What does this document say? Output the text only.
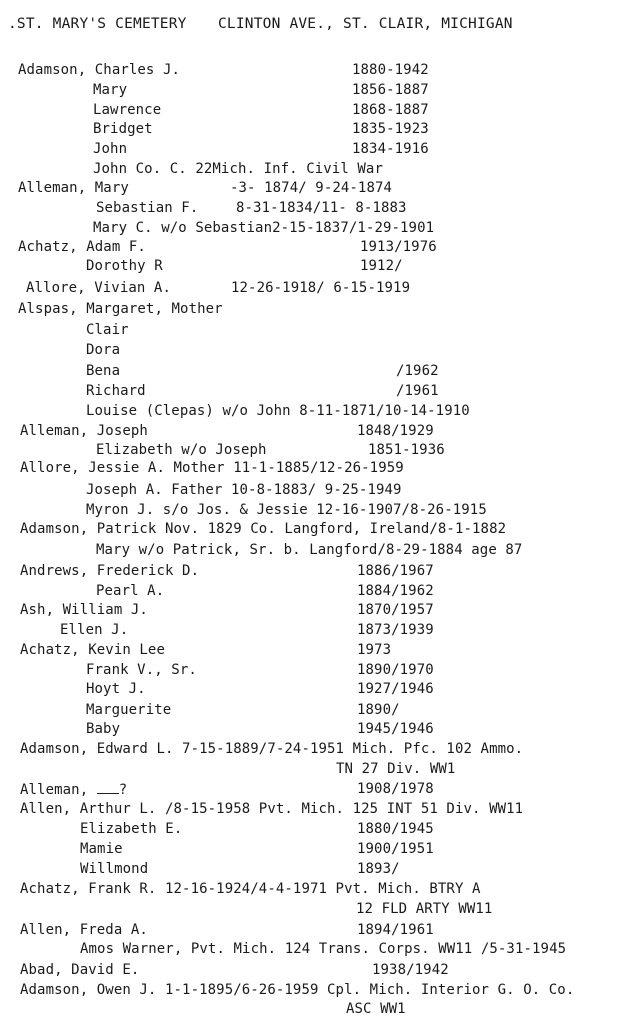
.ST. MARY'S CEMETERY CLINTON AVE., ST. CLAIR, MICHIGAN
Adamson, Charles J.	1880-1942
Mary	1856-1887
Lawrence	1868-1887
Bridget	1835-1923
John	1834-1916
John Co. C. 22Mich. Inf. Civil War
Alleman, Mary	-3- 1874/ 9-24-1874
Sebastian F.	8-31-1834/11- 8-1883
Mary C. w/o Sebastian2-15-1837/1-29-1901
Achatz, Adam F.	1913/1976
Dorothy R	1912/
Allore, Vivian A.	12-26-1918/ 6-15-1919
Alspas, Margaret, Mother
Clair
Dora
Bena	/1962
Richard	/1961
Louise (Clepas) w/o John 8-11-1871/10-14-1910
Alleman, Joseph	1848/1929
Elizabeth w/o Joseph	1851-1936
Allore, Jessie A. Mother 11-1-1885/12-26-1959
Joseph A. Father 10-8-1883/ 9-25-1949
Myron J. s/o Jos. & Jessie 12-16-1907/8-26-1915
Adamson, Patrick Nov. 1829 Co. Langford, Ireland/8-1-1882
Mary w/o Patrick, Sr. b. Langford/8-29-1884 age 87
Andrews, Frederick D.	1886/1967
Pearl A.	1884/1962
Ash, William J.	1870/1957
Ellen J.	1873/1939
Achatz, Kevin Lee	1973
Frank V., Sr.	1890/1970
Hoyt J.	1927/1946
Marguerite	1890/
Baby	1945/1946
Adamson, Edward L. 7-15-1889/7-24-1951 Mich. Pfc. 102 Ammo.
TN 27 Div. WW1
Alleman, ?	1908/1978
Allen, Arthur L. /8-15-1958 Pvt. Mich. 125 INT 51 Div. WW11
Elizabeth E.	1880/1945
Mamie	1900/1951
Willmond	1893/
Achatz, Frank R. 12-16-1924/4-4-1971 Pvt. Mich. BTRY A
12 FLD ARTY WW11
Allen, Freda A.	1894/1961
Amos Warner, Pvt. Mich. 124 Trans. Corps. WW11 /5-31-1945
Abad, David E.	1938/1942
Adamson, Owen J. 1-1-1895/6-26-1959 Cpl. Mich. Interior G. O. Co.
ASC WW1
